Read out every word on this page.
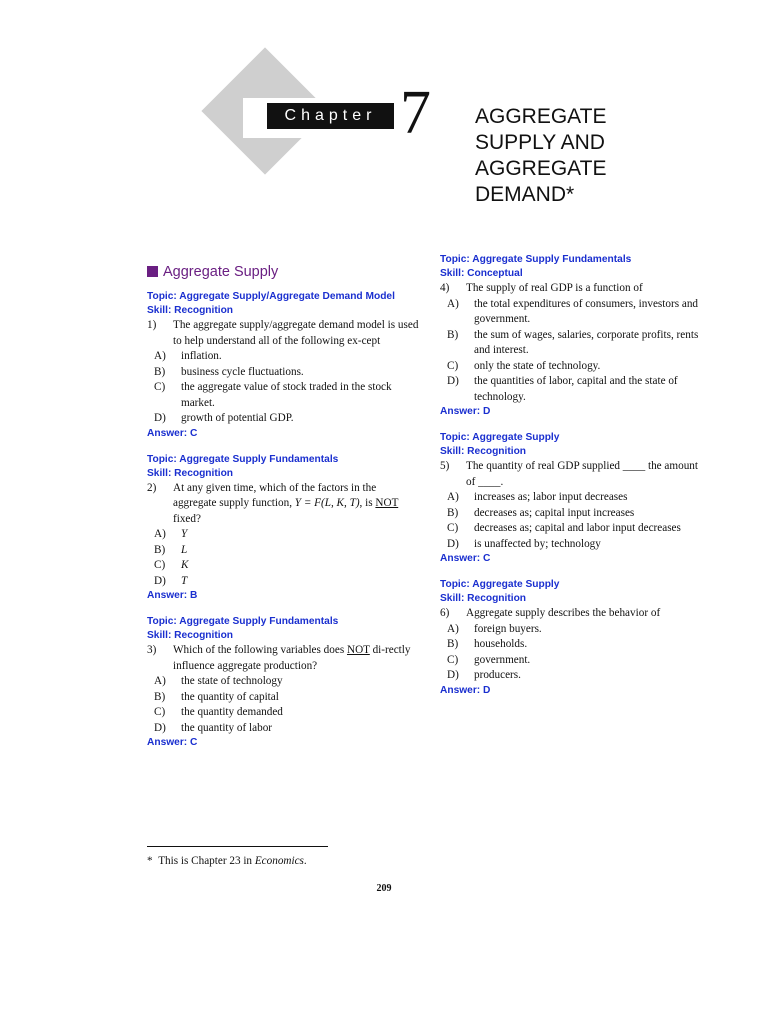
Chapter 7 AGGREGATE
SUPPLY AND
AGGREGATE
DEMAND*
Aggregate Supply
Topic: Aggregate Supply/Aggregate Demand Model
Skill: Recognition
1)	The aggregate supply/aggregate demand model is used to help understand all of the following ex-cept
A)	inflation.
B)	business cycle fluctuations.
C)	the aggregate value of stock traded in the stock market.
D)	growth of potential GDP.
Answer: C
Topic: Aggregate Supply Fundamentals
Skill: Recognition
2)	At any given time, which of the factors in the aggregate supply function, Y = F(L, K, T), is NOT fixed?
A)	Y
B)	L
C)	K
D)	T
Answer: B
Topic: Aggregate Supply Fundamentals
Skill: Recognition
3)	Which of the following variables does NOT di-rectly influence aggregate production?
A)	the state of technology
B)	the quantity of capital
C)	the quantity demanded
D)	the quantity of labor
Answer: C
Topic: Aggregate Supply Fundamentals
Skill: Conceptual
4)	The supply of real GDP is a function of
A)	the total expenditures of consumers, investors and government.
B)	the sum of wages, salaries, corporate profits, rents and interest.
C)	only the state of technology.
D)	the quantities of labor, capital and the state of technology.
Answer: D
Topic: Aggregate Supply
Skill: Recognition
5)	The quantity of real GDP supplied ____ the amount of ____.
A)	increases as; labor input decreases
B)	decreases as; capital input increases
C)	decreases as; capital and labor input decreases
D)	is unaffected by; technology
Answer: C
Topic: Aggregate Supply
Skill: Recognition
6)	Aggregate supply describes the behavior of
A)	foreign buyers.
B)	households.
C)	government.
D)	producers.
Answer: D
* This is Chapter 23 in Economics.
209
